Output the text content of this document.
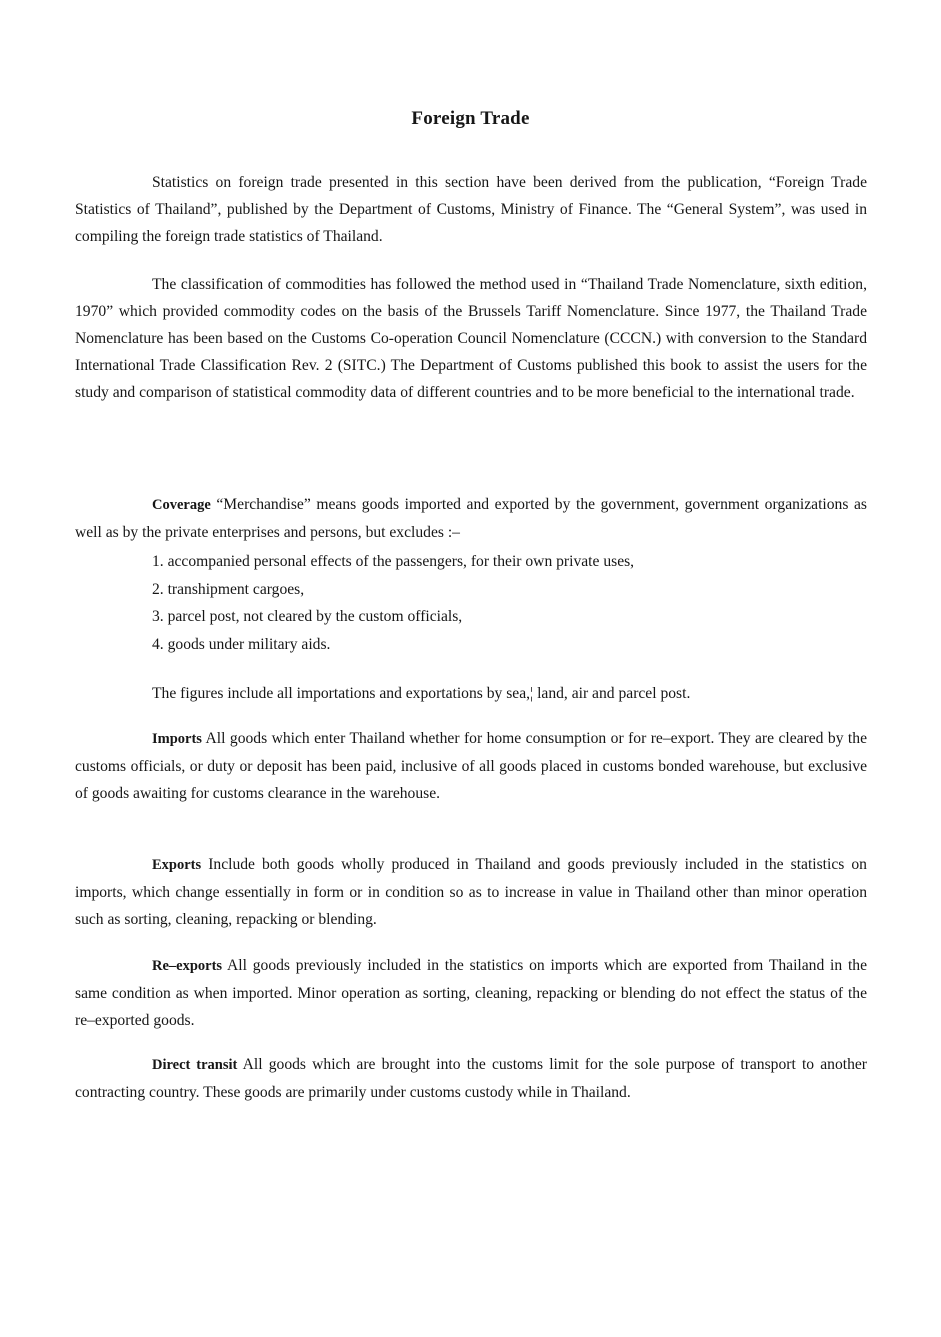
Foreign Trade

Statistics on foreign trade presented in this section have been derived from the publication, “Foreign Trade Statistics of Thailand”, published by the Department of Customs, Ministry of Finance. The “General System”, was used in compiling the foreign trade statistics of Thailand.

The classification of commodities has followed the method used in “Thailand Trade Nomenclature, sixth edition, 1970” which provided commodity codes on the basis of the Brussels Tariff Nomenclature. Since 1977, the Thailand Trade Nomenclature has been based on the Customs Co-operation Council Nomenclature (CCCN.) with conversion to the Standard International Trade Classification Rev. 2 (SITC.) The Department of Customs published this book to assist the users for the study and comparison of statistical commodity data of different countries and to be more beneficial to the international trade.

Coverage “Merchandise” means goods imported and exported by the government, government organizations as well as by the private enterprises and persons, but excludes :–

1. accompanied personal effects of the passengers, for their own private uses,
2. transhipment cargoes,
3. parcel post, not cleared by the custom officials,
4. goods under military aids.

The figures include all importations and exportations by sea,¦ land, air and parcel post.

Imports All goods which enter Thailand whether for home consumption or for re–export. They are cleared by the customs officials, or duty or deposit has been paid, inclusive of all goods placed in customs bonded warehouse, but exclusive of goods awaiting for customs clearance in the warehouse.

Exports Include both goods wholly produced in Thailand and goods previously included in the statistics on imports, which change essentially in form or in condition so as to increase in value in Thailand other than minor operation such as sorting, cleaning, repacking or blending.

Re–exports All goods previously included in the statistics on imports which are exported from Thailand in the same condition as when imported. Minor operation as sorting, cleaning, repacking or blending do not effect the status of the re–exported goods.

Direct transit All goods which are brought into the customs limit for the sole purpose of transport to another contracting country. These goods are primarily under customs custody while in Thailand.
